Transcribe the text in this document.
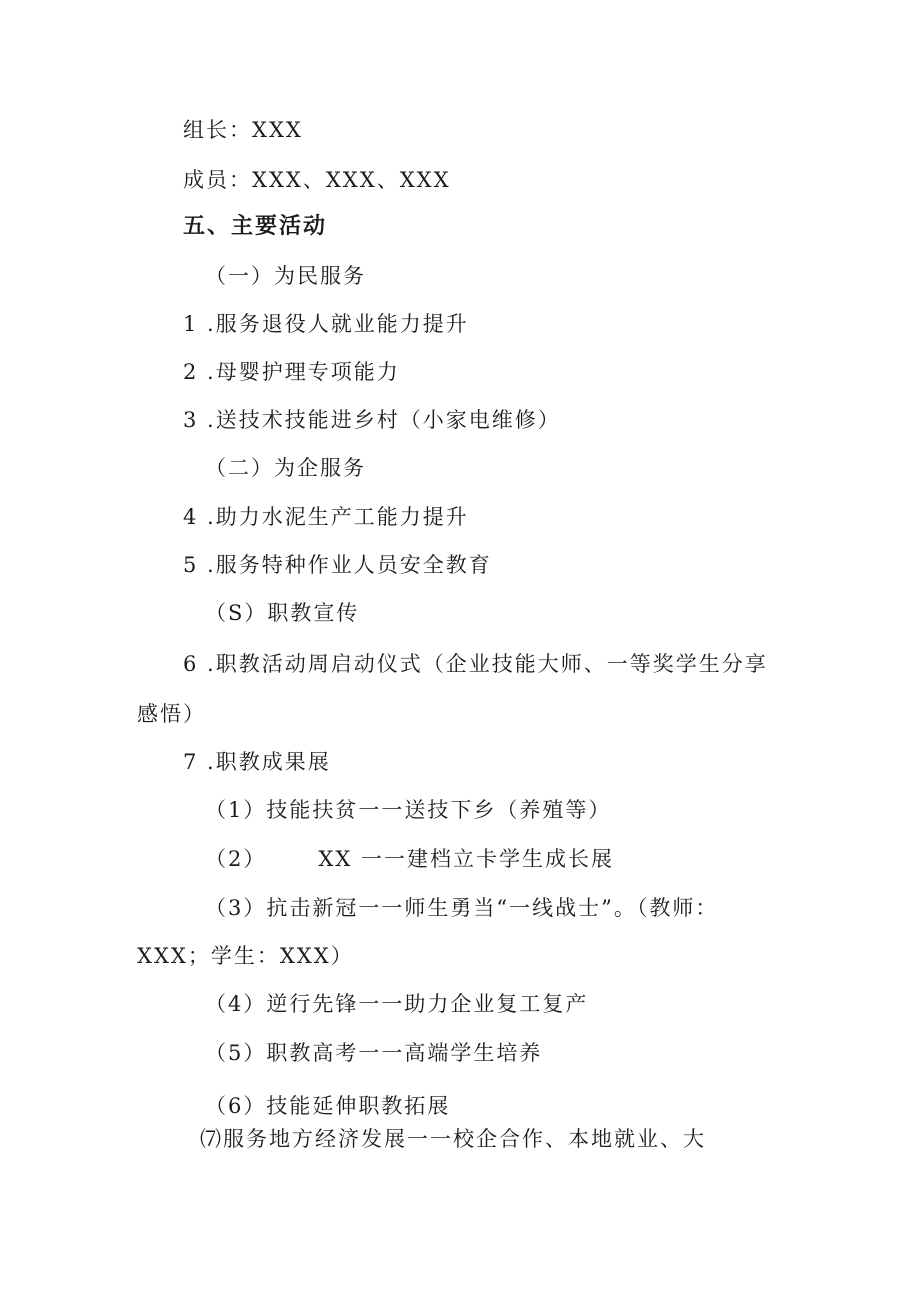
组长：XXX
成员：XXX、XXX、XXX
五、主要活动
（一）为民服务
1 .服务退役人就业能力提升
2 .母婴护理专项能力
3 .送技术技能进乡村（小家电维修）
（二）为企服务
4 .助力水泥生产工能力提升
5 .服务特种作业人员安全教育
（S）职教宣传
6 .职教活动周启动仪式（企业技能大师、一等奖学生分享
感悟）
7 .职教成果展
（1）技能扶贫一一送技下乡（养殖等）
（2） XX 一一建档立卡学生成长展
（3）抗击新冠一一师生勇当“一线战士”。（教师：
XXX；学生：XXX）
（4）逆行先锋一一助力企业复工复产
（5）职教高考一一高端学生培养
（6）技能延伸职教拓展
⑺服务地方经济发展一一校企合作、本地就业、大
